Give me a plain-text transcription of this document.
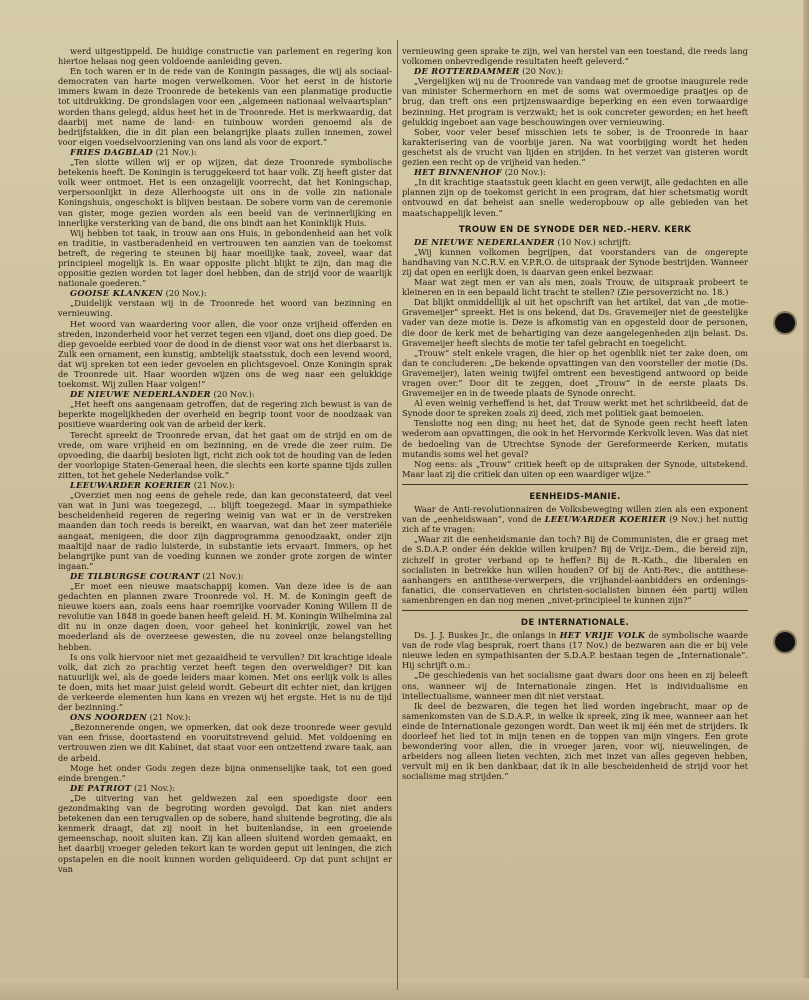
werd uitgestippeld. De huidige constructie van parlement en regering kon hiertoe helaas nog geen voldoende aanleiding geven.

En toch waren er in de rede van de Koningin passages, die wij als sociaal-democraten van harte mogen verwelkomen. Voor het eerst in de historie immers kwam in deze Troonrede de betekenis van een planmatige productie tot uitdrukking. De grondslagen voor een „algemeen nationaal welvaartsplan” worden thans gelegd, aldus heet het in de Troonrede. Het is merkwaardig, dat daarbij met name de land- en tuinbouw worden genoemd als de bedrijfstakken, die in dit plan een belangrijke plaats zullen innemen, zowel voor eigen voedselvoorziening van ons land als voor de export.”

FRIES DAGBLAD (21 Nov.):

„Ten slotte willen wij er op wijzen, dat deze Troonrede symbolische betekenis heeft. De Koningin is teruggekeerd tot haar volk. Zij heeft gister dat volk weer ontmoet. Het is een onzagelijk voorrecht, dat het Koningschap, verpersoonlijkt in deze Allerhoogste uit ons in de volle zin nationale Koningshuis, ongeschokt is blijven bestaan. De sobere vorm van de ceremonie van gister, moge gezien worden als een beeld van de verinnerlijking en innerlijke versterking van de band, die ons bindt aan het Koninklijk Huis.

Wij hebben tot taak, in trouw aan ons Huis, in gebondenheid aan het volk en traditie, in vastberadenheid en vertrouwen ten aanzien van de toekomst betreft, de regering te steunen bij haar moeilijke taak, zoveel, waar dat principieel mogelijk is. En waar opposite plicht blijkt te zijn, dan mag die oppositie gezien worden tot lager doel hebben, dan de strijd voor de waarlijk nationale goederen.”

GOOISE KLANKEN (20 Nov.):

„Duidelijk verstaan wij in de Troonrede het woord van bezinning en vernieuwing.

Het woord van waardering voor allen, die voor onze vrijheid offerden en streden, inzonderheid voor het verzet tegen een vijand, doet ons diep goed. De diep gevoelde eerbied voor de dood in de dienst voor wat ons het dierbaarst is. Zulk een ornament, een kunstig, ambtelijk staatsstuk, doch een levend woord, dat wij spreken tot een ieder gevoelen en plichtsgevoel. Onze Koningin sprak de Troonrede uit. Haar woorden wijzen ons de weg naar een gelukkige toekomst. Wij zullen Haar volgen!”

DE NIEUWE NEDERLANDER (20 Nov.):

„Het heeft ons aangenaam getroffen, dat de regering zich bewust is van de beperkte mogelijkheden der overheid en begrip toont voor de noodzaak van positieve waardering ook van de arbeid der kerk.

Terecht spreekt de Troonrede ervan, dat het gaat om de strijd en om de vrede, om ware vrijheid en om bezinning, en de vrede die zeer ruim. De opvoeding, die daarbij besloten ligt, richt zich ook tot de houding van de leden der voorlopige Staten-Generaal heen, die slechts een korte spanne tijds zullen zitten, tot het gehele Nederlandse volk.”

LEEUWARDER KOERIER (21 Nov.):

„Overziet men nog eens de gehele rede, dan kan geconstateerd, dat veel van wat in Juni was toegezegd, … blijft toegezegd. Maar in sympathieke bescheidenheid regeren de regering weinig van wat er in de verstreken maanden dan toch reeds is bereikt, en waarvan, wat dan het zeer materiële aangaat, menigeen, die door zijn dagprogramma genoodzaakt, onder zijn maaltijd naar de radio luisterde, in substantie iets ervaart. Immers, op het belangrijke punt van de voeding kunnen we zonder grote zorgen de winter ingaan.”

DE TILBURGSE COURANT (21 Nov.):

„Er moet een nieuwe maatschappij komen. Van deze idee is de aan gedachten en plannen zware Troonrede vol. H. M. de Koningin geeft de nieuwe koers aan, zoals eens haar roemrijke voorvader Koning Willem II de revolutie van 1848 in goede banen heeft geleid. H. M. Koningin Wilhelmina zal dit nu in onze dagen doen, voor geheel het koninkrijk, zowel van het moederland als de overzeese gewesten, die nu zoveel onze belangstelling hebben.

Is ons volk hiervoor niet met gezaaidheid te vervullen? Dit krachtige ideale volk, dat zich zo prachtig verzet heeft tegen den overweldiger? Dit kan natuurlijk wel, als de goede leiders maar komen. Met ons eerlijk volk is alles te doen, mits het maar juist geleid wordt. Gebeurt dit echter niet, dan krijgen de verkeerde elementen hun kans en vrezen wij het ergste. Het is nu de tijd der bezinning.”

ONS NOORDEN (21 Nov.):

„Bezonnerende ongen, we opmerken, dat ook deze troonrede weer gevuld van een frisse, doortastend en vooruitstrevend geluid. Met voldoening en vertrouwen zien we dit Kabinet, dat staat voor een ontzettend zware taak, aan de arbeid.

Moge het onder Gods zegen deze bijna onmenselijke taak, tot een goed einde brengen.”

DE PATRIOT (21 Nov.):

„De uitvering van het geldwezen zal een spoedigste door een gezondmaking van de begroting worden gevolgd. Dat kan niet anders betekenen dan een terugvallen op de sobere, hand sluitende begroting, die als kenmerk draagt, dat zij nooit in het buitenlandse, in een groeiende gemeenschap, nooit sluiten kan. Zij kan alleen sluitend worden gemaakt, en het daarbij vroeger geleden tekort kan te worden geput uit leningen, die zich opstapelen en die nooit kunnen worden geliquideerd. Op dat punt schijnt er van

vernieuwing geen sprake te zijn, wel van herstel van een toestand, die reeds lang volkomen onbevredigende resultaten heeft geleverd.”

DE ROTTERDAMMER (20 Nov.):

„Vergelijken wij nu de Troonrede van vandaag met de grootse inaugurele rede van minister Schermerhorn en met de soms wat overmoedige praatjes op de brug, dan treft ons een prijzenswaardige beperking en een even torwaardige bezinning. Het program is verzwakt; het is ook concreter geworden; en het heeft gelukkig ingeboet aan vage beschouwingen over vernieuwing.

Sober, voor veler besef misschien iets te sober, is de Troonrede in haar karakterisering van de voorbije jaren. Na wat voorbijging wordt het heden geschetst als de vrucht van lijden en strijden. In het verzet van gisteren wordt gezien een recht op de vrijheid van heden.”

HET BINNENHOF (20 Nov.):

„In dit krachtige staatsstuk geen klacht en geen verwijt, alle gedachten en alle plannen zijn op de toekomst gericht in een program, dat hier schetsmatig wordt ontvouwd en dat beheist aan snelle wederopbouw op alle gebieden van het maatschappelijk leven.”

TROUW EN DE SYNODE DER NED.-HERV. KERK

DE NIEUWE NEDERLANDER (10 Nov.) schrijft:

„Wij kunnen volkomen begrijpen, dat voorstanders van de ongerepte handhaving van N.C.R.V. en V.P.R.O. de uitspraak der Synode bestrijden. Wanneer zij dat open en eerlijk doen, is daarvan geen enkel bezwaar.

Maar wat zegt men er van als men, zoals Trouw, de uitspraak probeert te kleineren en in een bepaald licht tracht te stellen? (Zie persoverzicht no. 18.)

Dat blijkt onmiddellijk al uit het opschrift van het artikel, dat van „de motie-Gravemeijer” spreekt. Het is ons bekend, dat Ds. Gravemeijer niet de geestelijke vader van deze motie is. Deze is afkomstig van en opgesteld door de personen, die door de kerk met de behartiging van deze aangelegenheden zijn belast. Ds. Gravemeijer heeft slechts de motie ter tafel gebracht en toegelicht.

„Trouw” stelt enkele vragen, die hier op het ogenblik niet ter zake doen, om dan te concluderen: „De bekende opvattingen van den voorsteller der motie (Ds. Gravemeijer), laten weinig twijfel omtrent een bevestigend antwoord op beide vragen over.” Door dit te zeggen, doet „Trouw” in de eerste plaats Ds. Gravemeijer en in de tweede plaats de Synode onrecht.

Al even weinig verheffend is het, dat Trouw werkt met het schrikbeeld, dat de Synode door te spreken zoals zij deed, zich met politiek gaat bemoeien.

Tenslotte nog een ding; nu heet het, dat de Synode geen recht heeft laten wederom aan opvattingen, die ook in het Hervormde Kerkvolk leven. Was dat niet de bedoeling van de Utrechtse Synode der Gereformeerde Kerken, mutatis mutandis soms wel het geval?

Nog eens: als „Trouw” critiek heeft op de uitspraken der Synode, uitstekend. Maar laat zij die critiek dan uiten op een waardiger wijze.”

EENHEIDS-MANIE.

Waar de Anti-revolutionnairen de Volksbeweging willen zien als een exponent van de „eenheidswaan”, vond de LEEUWARDER KOERIER (9 Nov.) het nuttig zich af te vragen:

„Waar zit die eenheidsmanie dan toch? Bij de Communisten, die er graag met de S.D.A.P. onder één dekkie willen kruipen? Bij de Vrijz.-Dem., die bereid zijn, zichzelf in groter verband op te heffen? Bij de R.-Kath., die liberalen en socialisten in betrekke hun willen houden? Of bij de Anti-Rev., die antithese-aanhangers en antithese-verwerpers, die vrijhandel-aanbidders en ordenings-fanatici, die conservatieven en christen-socialisten binnen één partij willen samenbrengen en dan nog menen „nivet-principieel te kunnen zijn?”

DE INTERNATIONALE.

Ds. J. J. Buskes Jr., die onlangs in HET VRIJE VOLK de symbolische waarde van de rode vlag besprak, roert thans (17 Nov.) de bezwaren aan die er bij vele nieuwe leden en sympathisanten der S.D.A.P. bestaan tegen de „Internationale”. Hij schrijft o.m.:

„De geschiedenis van het socialisme gaat dwars door ons heen en zij beleeft ons, wanneer wij de Internationale zingen. Het is individualisme en intellectualisme, wanneer men dit niet verstaat.

Ik deel de bezwaren, die tegen het lied worden ingebracht, maar op de samenkomsten van de S.D.A.P., in welke ik spreek, zing ik mee, wanneer aan het einde de Internationale gezongen wordt. Dan weet ik mij één met de strijders. Ik doorleef het lied tot in mijn tenen en de toppen van mijn vingers. Een grote bewondering voor allen, die in vroeger jaren, voor wij, nieuwelingen, de arbeiders nog alleen lieten vechten, zich met inzet van alles gegeven hebben, vervult mij en ik ben dankbaar, dat ik in alle bescheidenheid de strijd voor het socialisme mag strijden.”
